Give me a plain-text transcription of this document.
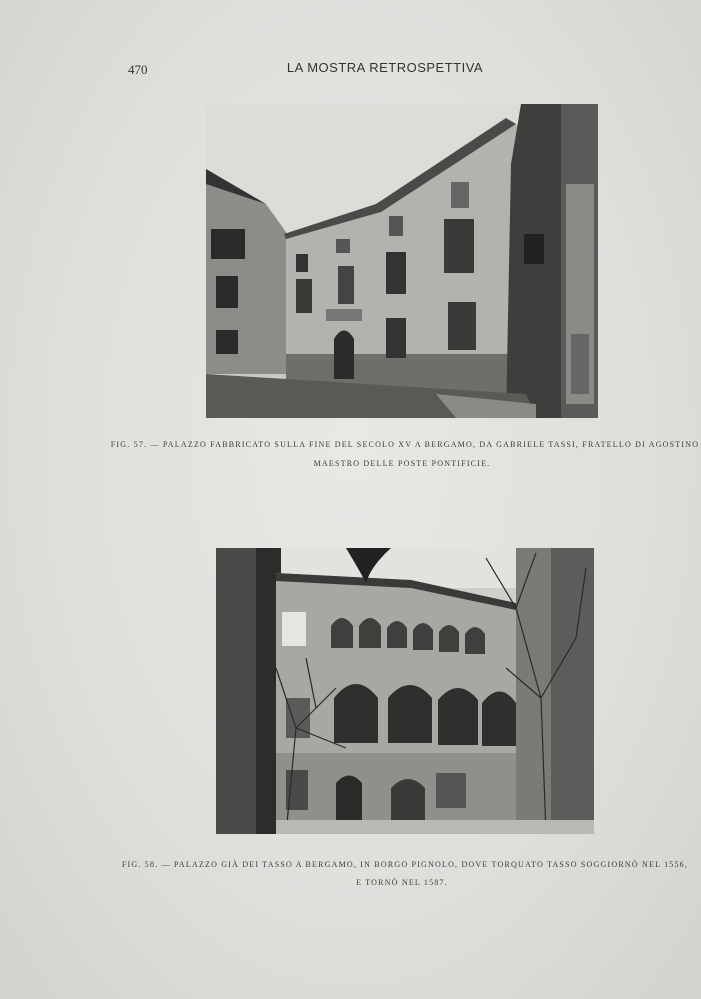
470	LA MOSTRA RETROSPETTIVA
FIG. 57. — PALAZZO FABBRICATO SULLA FINE DEL SECOLO XV A BERGAMO, DA GABRIELE TASSI, FRATELLO DI AGOSTINO
MAESTRO DELLE POSTE PONTIFICIE.
FIG. 58. — PALAZZO GIÀ DEI TASSO A BERGAMO, IN BORGO PIGNOLO, DOVE TORQUATO TASSO SOGGIORNÒ NEL 1556,
E TORNÒ NEL 1587.
